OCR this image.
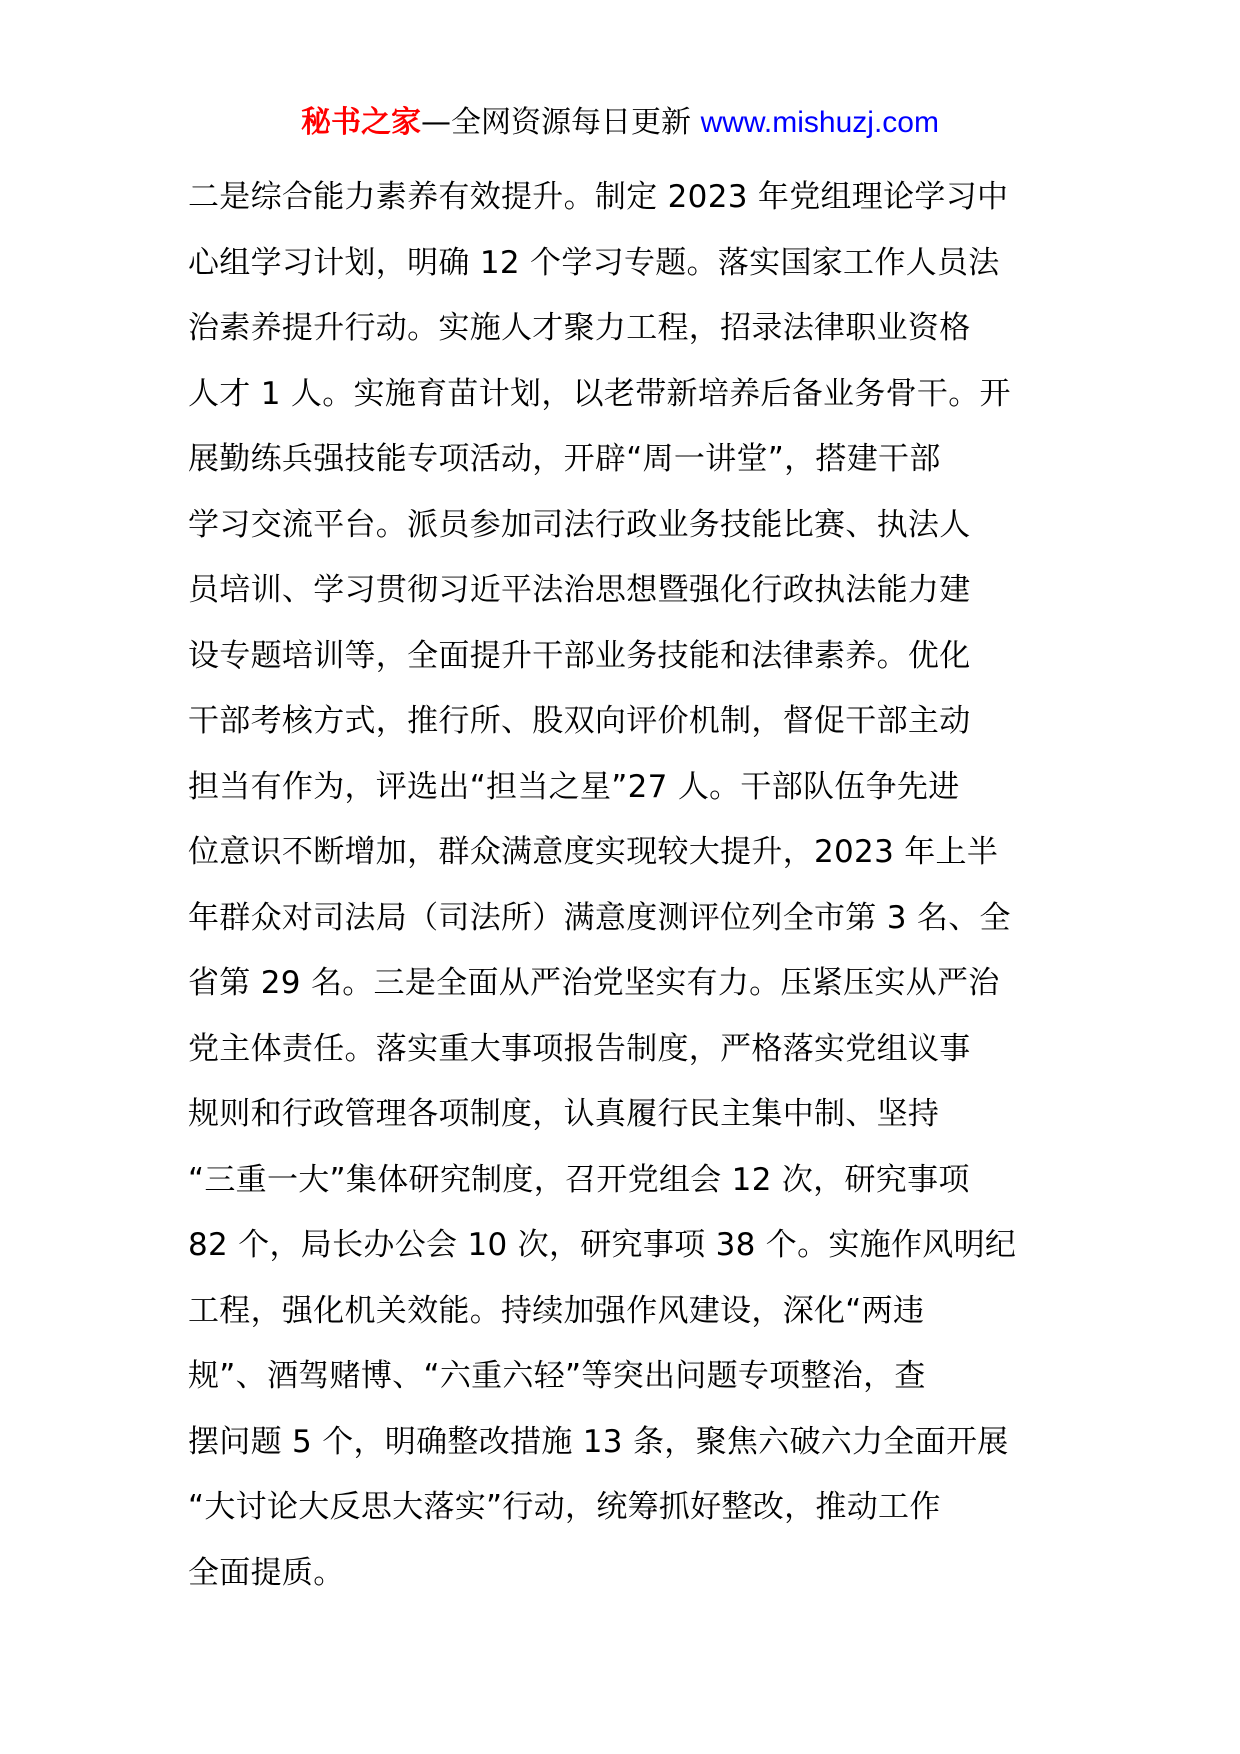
秘书之家—全网资源每日更新 www.mishuzj.com
二是综合能力素养有效提升。制定 2023 年党组理论学习中
心组学习计划，明确 12 个学习专题。落实国家工作人员法
治素养提升行动。实施人才聚力工程，招录法律职业资格
人才 1 人。实施育苗计划，以老带新培养后备业务骨干。开
展勤练兵强技能专项活动，开辟“周一讲堂”，搭建干部
学习交流平台。派员参加司法行政业务技能比赛、执法人
员培训、学习贯彻习近平法治思想暨强化行政执法能力建
设专题培训等，全面提升干部业务技能和法律素养。优化
干部考核方式，推行所、股双向评价机制，督促干部主动
担当有作为，评选出“担当之星”27 人。干部队伍争先进
位意识不断增加，群众满意度实现较大提升，2023 年上半
年群众对司法局（司法所）满意度测评位列全市第 3 名、全
省第 29 名。三是全面从严治党坚实有力。压紧压实从严治
党主体责任。落实重大事项报告制度，严格落实党组议事
规则和行政管理各项制度，认真履行民主集中制、坚持
“三重一大”集体研究制度，召开党组会 12 次，研究事项
82 个，局长办公会 10 次，研究事项 38 个。实施作风明纪
工程，强化机关效能。持续加强作风建设，深化“两违
规”、酒驾赌博、“六重六轻”等突出问题专项整治，查
摆问题 5 个，明确整改措施 13 条，聚焦六破六力全面开展
“大讨论大反思大落实”行动，统筹抓好整改，推动工作
全面提质。
